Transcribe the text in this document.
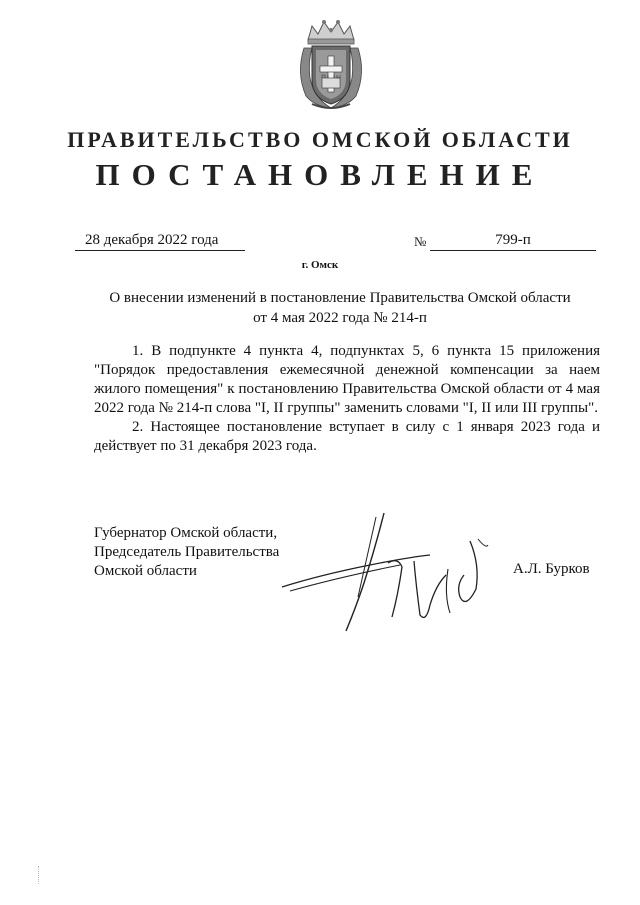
ПРАВИТЕЛЬСТВО ОМСКОЙ ОБЛАСТИ
ПОСТАНОВЛЕНИЕ
28 декабря 2022 года	№	799-п
г. Омск
О внесении изменений в постановление Правительства Омской области
от 4 мая 2022 года № 214-п

1. В подпункте 4 пункта 4, подпунктах 5, 6 пункта 15 приложения "Порядок предоставления ежемесячной денежной компенсации за наем жилого помещения" к постановлению Правительства Омской области от 4 мая 2022 года № 214-п слова "I, II группы" заменить словами "I, II или III группы".

2. Настоящее постановление вступает в силу с 1 января 2023 года и действует по 31 декабря 2023 года.

Губернатор Омской области,
Председатель Правительства
Омской области	А.Л. Бурков
